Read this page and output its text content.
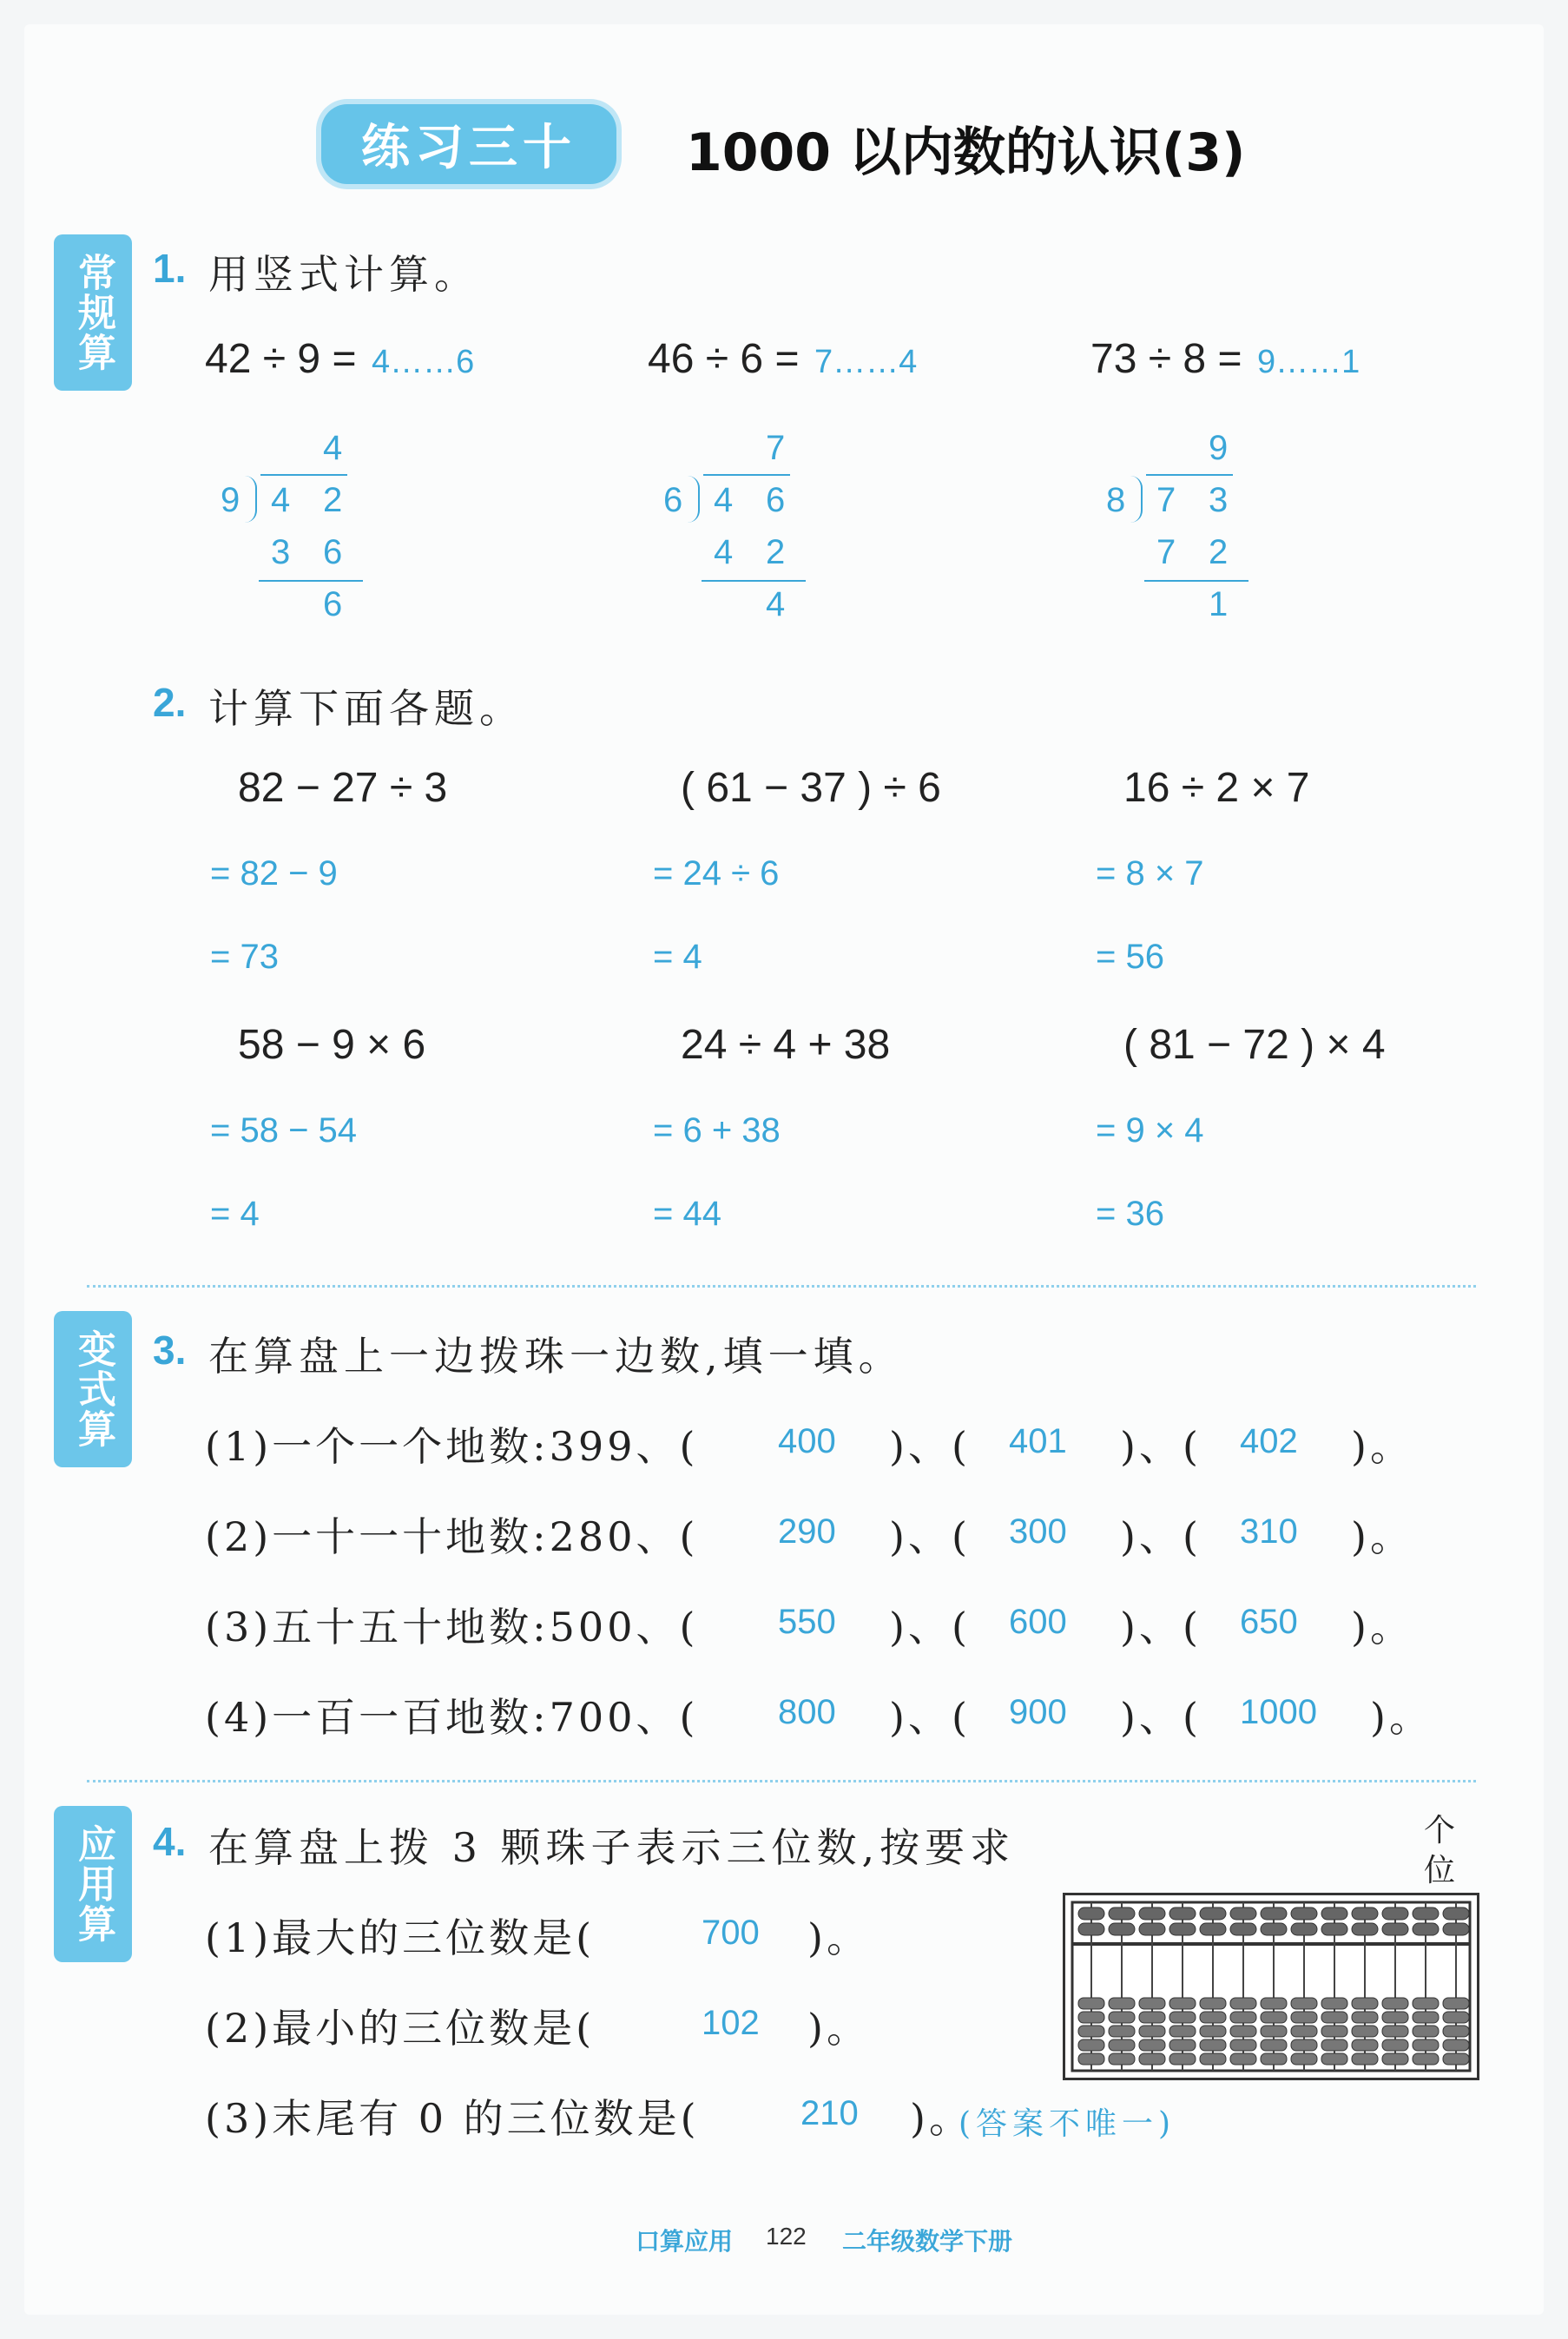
练习三十	1000 以内数的认识(3)
常规算
变式算
应用算
1. 用竖式计算。
42 ÷ 9 = 4……6
4
9 4 2
3 6
6
46 ÷ 6 = 7……4
7
6 4 6
4 2
4
73 ÷ 8 = 9……1
9
8 7 3
7 2
1
2. 计算下面各题。
82 − 27 ÷ 3
= 82 − 9
= 73
( 61 − 37 ) ÷ 6
= 24 ÷ 6
= 4
16 ÷ 2 × 7
= 8 × 7
= 56
58 − 9 × 6
= 58 − 54
= 4
24 ÷ 4 + 38
= 6 + 38
= 44
( 81 − 72 ) × 4
= 9 × 4
= 36
3. 在算盘上一边拨珠一边数,填一填。
(1)一个一个地数:399、( 400 )、( 401 )、( 402 )。
(2)一十一十地数:280、( 290 )、( 300 )、( 310 )。
(3)五十五十地数:500、( 550 )、( 600 )、( 650 )。
(4)一百一百地数:700、( 800 )、( 900 )、( 1000 )。
4. 在算盘上拨 3 颗珠子表示三位数,按要求
(1)最大的三位数是(	700 )。
(2)最小的三位数是(	102 )。
(3)末尾有 0 的三位数是(	210 )。
(答案不唯一)
个位
口算应用 122 二年级数学下册
